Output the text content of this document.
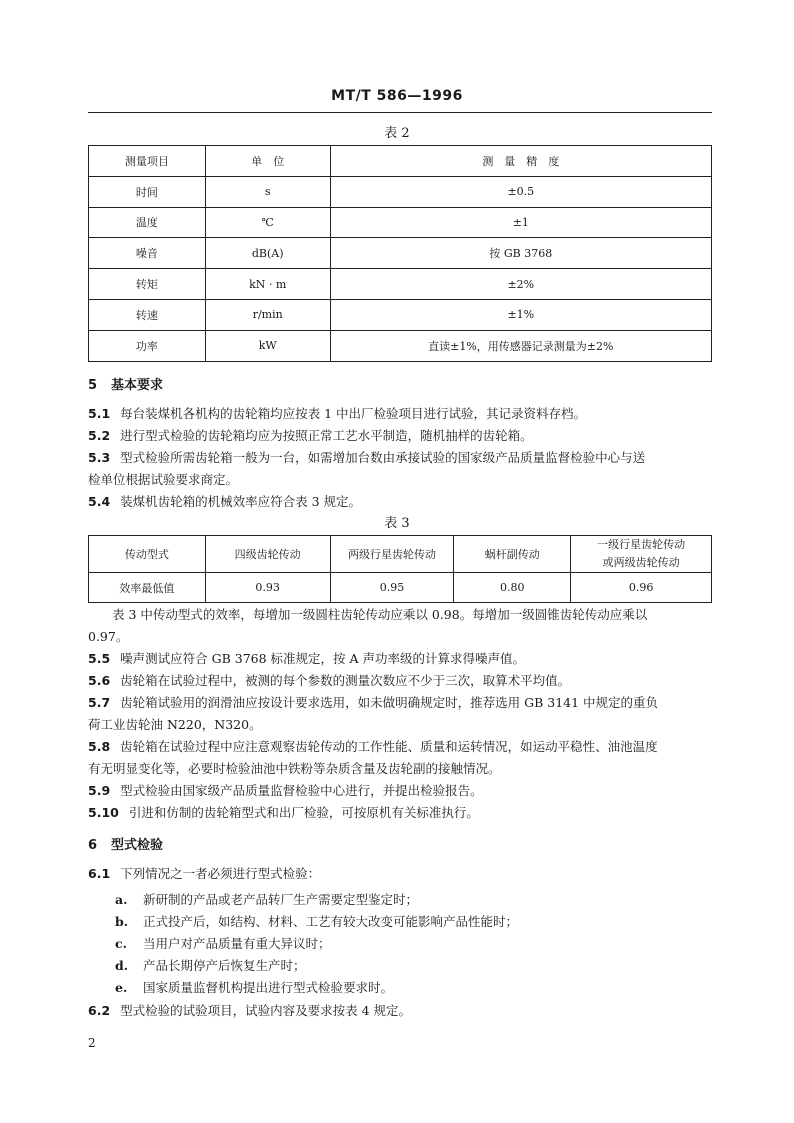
MT/T 586—1996
表 2
测量项目	单　位	测　量　精　度
时间	s	±0.5
温度	℃	±1
噪音	dB(A)	按 GB 3768
转矩	kN · m	±2%
转速	r/min	±1%
功率	kW	直读±1%，用传感器记录测量为±2%
5 基本要求
5.1 每台装煤机各机构的齿轮箱均应按表 1 中出厂检验项目进行试验，其记录资料存档。
5.2 进行型式检验的齿轮箱均应为按照正常工艺水平制造，随机抽样的齿轮箱。
5.3 型式检验所需齿轮箱一般为一台，如需增加台数由承接试验的国家级产品质量监督检验中心与送
检单位根据试验要求商定。
5.4 装煤机齿轮箱的机械效率应符合表 3 规定。
表 3
传动型式	四级齿轮传动	两级行星齿轮传动	蜗杆副传动	一级行星齿轮传动
或两级齿轮传动

效率最低值	0.93	0.95	0.80	0.96
表 3 中传动型式的效率，每增加一级圆柱齿轮传动应乘以 0.98。每增加一级圆锥齿轮传动应乘以
0.97。
5.5 噪声测试应符合 GB 3768 标准规定，按 A 声功率级的计算求得噪声值。
5.6 齿轮箱在试验过程中，被测的每个参数的测量次数应不少于三次，取算术平均值。
5.7 齿轮箱试验用的润滑油应按设计要求选用，如未做明确规定时，推荐选用 GB 3141 中规定的重负
荷工业齿轮油 N220，N320。
5.8 齿轮箱在试验过程中应注意观察齿轮传动的工作性能、质量和运转情况，如运动平稳性、油池温度
有无明显变化等，必要时检验油池中铁粉等杂质含量及齿轮副的接触情况。
5.9 型式检验由国家级产品质量监督检验中心进行，并提出检验报告。
5.10 引进和仿制的齿轮箱型式和出厂检验，可按原机有关标准执行。
6 型式检验
6.1 下列情况之一者必须进行型式检验：
a. 新研制的产品或老产品转厂生产需要定型鉴定时；
b. 正式投产后，如结构、材料、工艺有较大改变可能影响产品性能时；
c. 当用户对产品质量有重大异议时；
d. 产品长期停产后恢复生产时；
e. 国家质量监督机构提出进行型式检验要求时。
6.2 型式检验的试验项目，试验内容及要求按表 4 规定。
2
